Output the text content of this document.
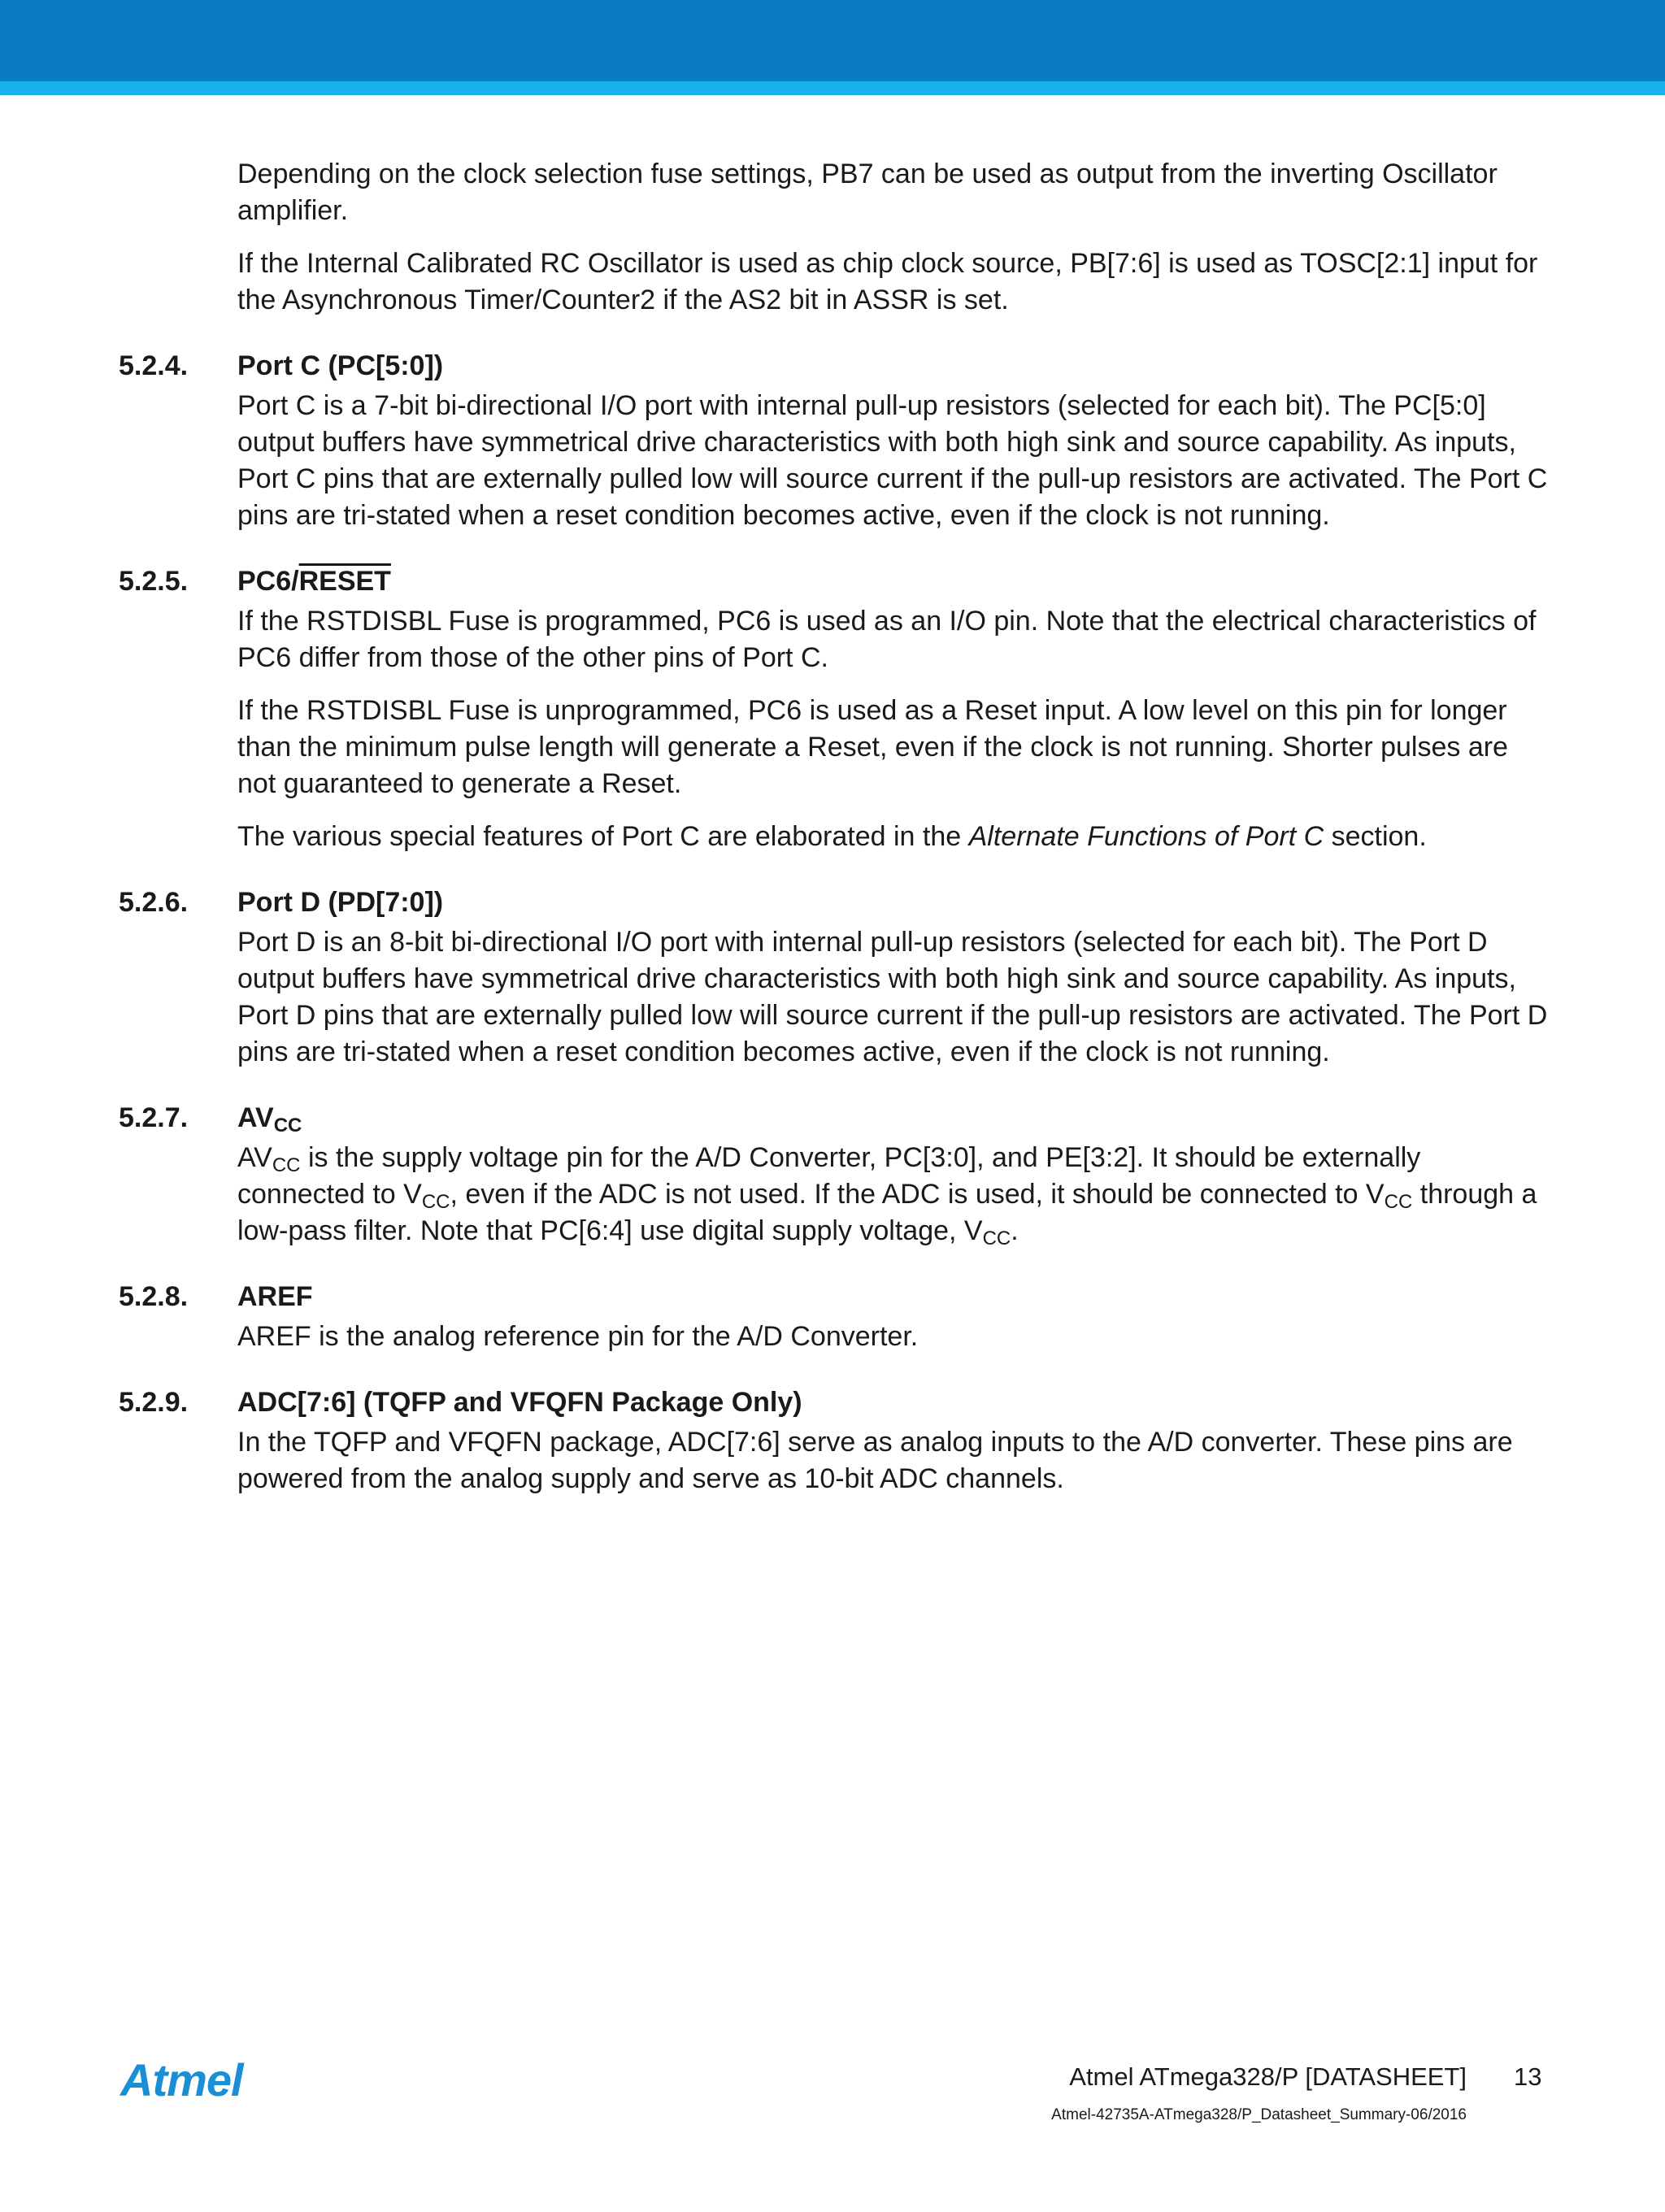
Depending on the clock selection fuse settings, PB7 can be used as output from the inverting Oscillator amplifier.

If the Internal Calibrated RC Oscillator is used as chip clock source, PB[7:6] is used as TOSC[2:1] input for the Asynchronous Timer/Counter2 if the AS2 bit in ASSR is set.

5.2.4.	Port C (PC[5:0])

Port C is a 7-bit bi-directional I/O port with internal pull-up resistors (selected for each bit). The PC[5:0] output buffers have symmetrical drive characteristics with both high sink and source capability. As inputs, Port C pins that are externally pulled low will source current if the pull-up resistors are activated. The Port C pins are tri-stated when a reset condition becomes active, even if the clock is not running.

5.2.5.	PC6/RESET

If the RSTDISBL Fuse is programmed, PC6 is used as an I/O pin. Note that the electrical characteristics of PC6 differ from those of the other pins of Port C.

If the RSTDISBL Fuse is unprogrammed, PC6 is used as a Reset input. A low level on this pin for longer than the minimum pulse length will generate a Reset, even if the clock is not running. Shorter pulses are not guaranteed to generate a Reset.

The various special features of Port C are elaborated in the Alternate Functions of Port C section.

5.2.6.	Port D (PD[7:0])

Port D is an 8-bit bi-directional I/O port with internal pull-up resistors (selected for each bit). The Port D output buffers have symmetrical drive characteristics with both high sink and source capability. As inputs, Port D pins that are externally pulled low will source current if the pull-up resistors are activated. The Port D pins are tri-stated when a reset condition becomes active, even if the clock is not running.

5.2.7.	$AV_{CC}$

$AV_{CC}$ is the supply voltage pin for the A/D Converter, PC[3:0], and PE[3:2]. It should be externally connected to $V_{CC}$, even if the ADC is not used. If the ADC is used, it should be connected to $V_{CC}$ through a low-pass filter. Note that PC[6:4] use digital supply voltage, $V_{CC}$.

5.2.8.	AREF

AREF is the analog reference pin for the A/D Converter.

5.2.9.	ADC[7:6] (TQFP and VFQFN Package Only)

In the TQFP and VFQFN package, ADC[7:6] serve as analog inputs to the A/D converter. These pins are powered from the analog supply and serve as 10-bit ADC channels.

Atmel	Atmel ATmega328/P [DATASHEET] 13
Atmel-42735A-ATmega328/P_Datasheet_Summary-06/2016
